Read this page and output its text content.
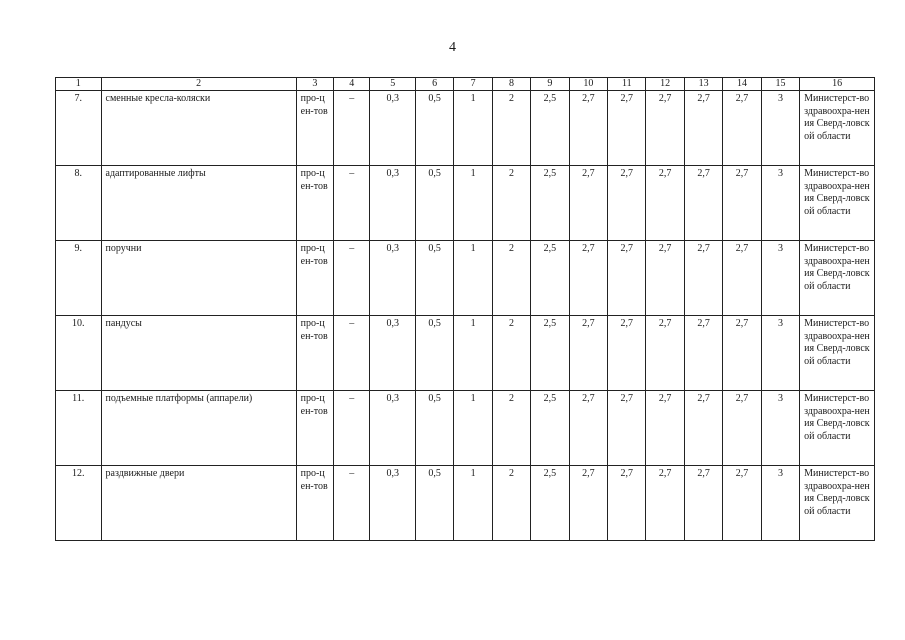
4
1	2	3	4	5	6	7	8	9	10	11	12	13	14	15	16
7.	сменные кресла-коляски	про-цен-тов	–	0,3	0,5	1	2	2,5	2,7	2,7	2,7	2,7	2,7	3	Министерст-во здравоохра-нения Сверд-ловской области
8.	адаптированные лифты	про-цен-тов	–	0,3	0,5	1	2	2,5	2,7	2,7	2,7	2,7	2,7	3	Министерст-во здравоохра-нения Сверд-ловской области
9.	поручни	про-цен-тов	–	0,3	0,5	1	2	2,5	2,7	2,7	2,7	2,7	2,7	3	Министерст-во здравоохра-нения Сверд-ловской области
10.	пандусы	про-цен-тов	–	0,3	0,5	1	2	2,5	2,7	2,7	2,7	2,7	2,7	3	Министерст-во здравоохра-нения Сверд-ловской области
11.	подъемные платформы (аппарели)	про-цен-тов	–	0,3	0,5	1	2	2,5	2,7	2,7	2,7	2,7	2,7	3	Министерст-во здравоохра-нения Сверд-ловской области
12.	раздвижные двери	про-цен-тов	–	0,3	0,5	1	2	2,5	2,7	2,7	2,7	2,7	2,7	3	Министерст-во здравоохра-нения Сверд-ловской области
